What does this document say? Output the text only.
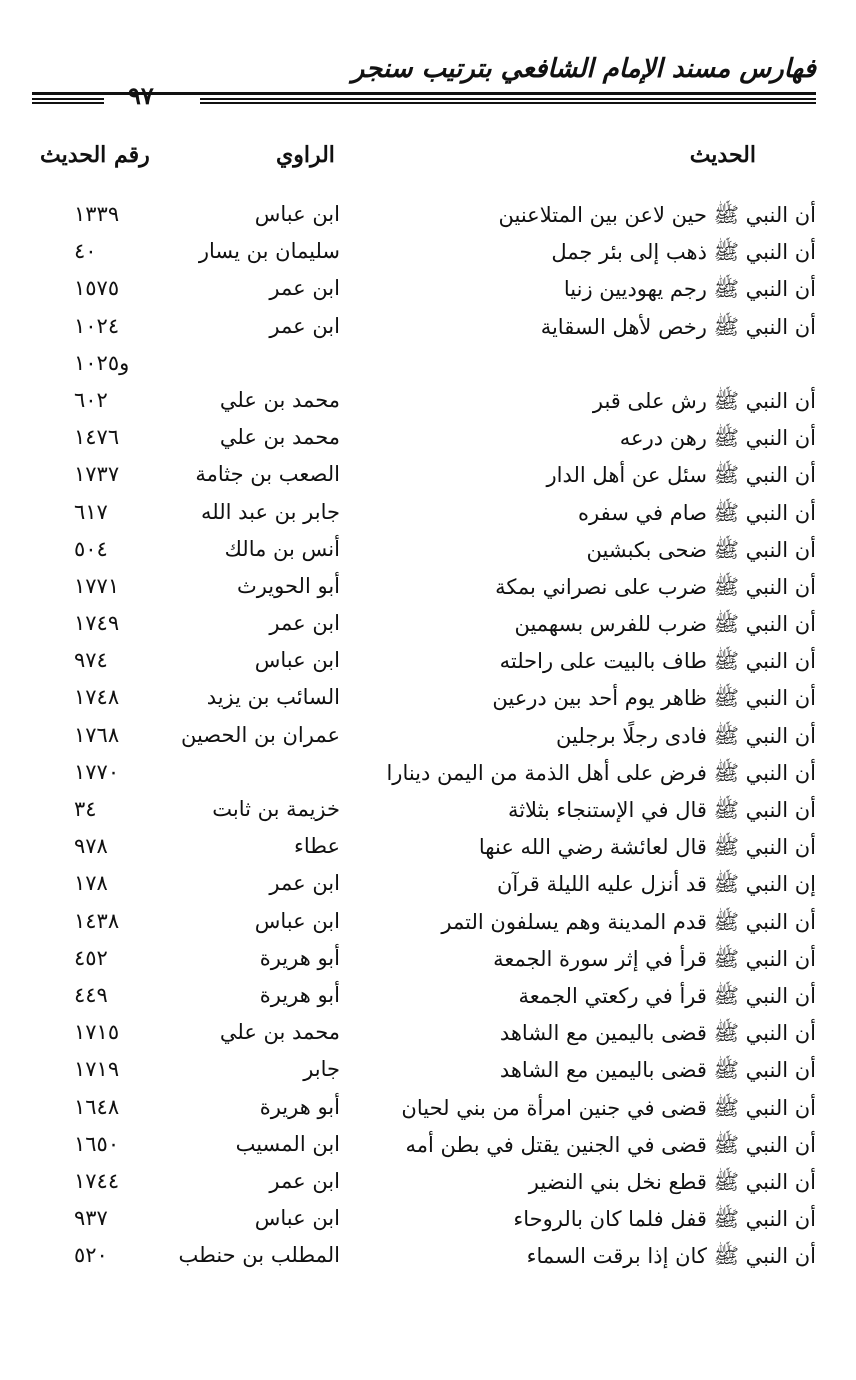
فهارس مسند الإمام الشافعي بترتيب سنجر
٩٧
الحديث
الراوي
رقم الحديث
أن النبي ﷺ حين لاعن بين المتلاعنين
ابن عباس
١٣٣٩
أن النبي ﷺ ذهب إلى بئر جمل
سليمان بن يسار
٤٠
أن النبي ﷺ رجم يهوديين زنيا
ابن عمر
١٥٧٥
أن النبي ﷺ رخص لأهل السقاية
ابن عمر
١٠٢٤
و١٠٢٥
أن النبي ﷺ رش على قبر
محمد بن علي
٦٠٢
أن النبي ﷺ رهن درعه
محمد بن علي
١٤٧٦
أن النبي ﷺ سئل عن أهل الدار
الصعب بن جثامة
١٧٣٧
أن النبي ﷺ صام في سفره
جابر بن عبد الله
٦١٧
أن النبي ﷺ ضحى بكبشين
أنس بن مالك
٥٠٤
أن النبي ﷺ ضرب على نصراني بمكة
أبو الحويرث
١٧٧١
أن النبي ﷺ ضرب للفرس بسهمين
ابن عمر
١٧٤٩
أن النبي ﷺ طاف بالبيت على راحلته
ابن عباس
٩٧٤
أن النبي ﷺ ظاهر يوم أحد بين درعين
السائب بن يزيد
١٧٤٨
أن النبي ﷺ فادى رجلًا برجلين
عمران بن الحصين
١٧٦٨
أن النبي ﷺ فرض على أهل الذمة من اليمن دينارا
١٧٧٠
أن النبي ﷺ قال في الإستنجاء بثلاثة
خزيمة بن ثابت
٣٤
أن النبي ﷺ قال لعائشة رضي الله عنها
عطاء
٩٧٨
إن النبي ﷺ قد أنزل عليه الليلة قرآن
ابن عمر
١٧٨
أن النبي ﷺ قدم المدينة وهم يسلفون التمر
ابن عباس
١٤٣٨
أن النبي ﷺ قرأ في إثر سورة الجمعة
أبو هريرة
٤٥٢
أن النبي ﷺ قرأ في ركعتي الجمعة
أبو هريرة
٤٤٩
أن النبي ﷺ قضى باليمين مع الشاهد
محمد بن علي
١٧١٥
أن النبي ﷺ قضى باليمين مع الشاهد
جابر
١٧١٩
أن النبي ﷺ قضى في جنين امرأة من بني لحيان
أبو هريرة
١٦٤٨
أن النبي ﷺ قضى في الجنين يقتل في بطن أمه
ابن المسيب
١٦٥٠
أن النبي ﷺ قطع نخل بني النضير
ابن عمر
١٧٤٤
أن النبي ﷺ قفل فلما كان بالروحاء
ابن عباس
٩٣٧
أن النبي ﷺ كان إذا برقت السماء
المطلب بن حنطب
٥٢٠
